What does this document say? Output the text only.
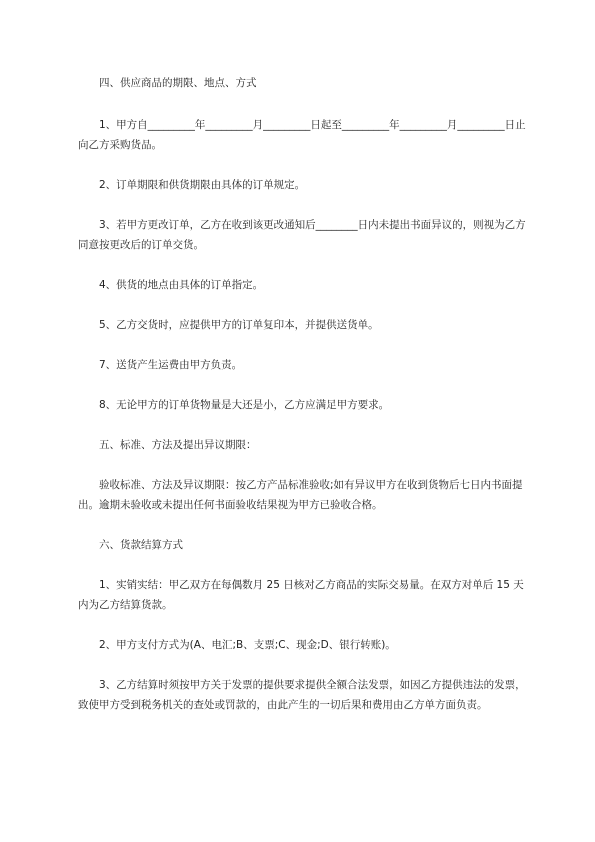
四、供应商品的期限、地点、方式
1、甲方自_________年_________月_________日起至_________年_________月_________日止向乙方采购货品。
2、订单期限和供货期限由具体的订单规定。
3、若甲方更改订单，乙方在收到该更改通知后________日内未提出书面异议的，则视为乙方同意按更改后的订单交货。
4、供货的地点由具体的订单指定。
5、乙方交货时，应提供甲方的订单复印本，并提供送货单。
7、送货产生运费由甲方负责。
8、无论甲方的订单货物量是大还是小，乙方应满足甲方要求。
五、标准、方法及提出异议期限：
验收标准、方法及异议期限：按乙方产品标准验收;如有异议甲方在收到货物后七日内书面提出。逾期未验收或未提出任何书面验收结果视为甲方已验收合格。
六、货款结算方式
1、实销实结：甲乙双方在每偶数月 25 日核对乙方商品的实际交易量。在双方对单后 15 天内为乙方结算货款。
2、甲方支付方式为(A、电汇;B、支票;C、现金;D、银行转账)。
3、乙方结算时须按甲方关于发票的提供要求提供全额合法发票，如因乙方提供违法的发票，致使甲方受到税务机关的查处或罚款的，由此产生的一切后果和费用由乙方单方面负责。
